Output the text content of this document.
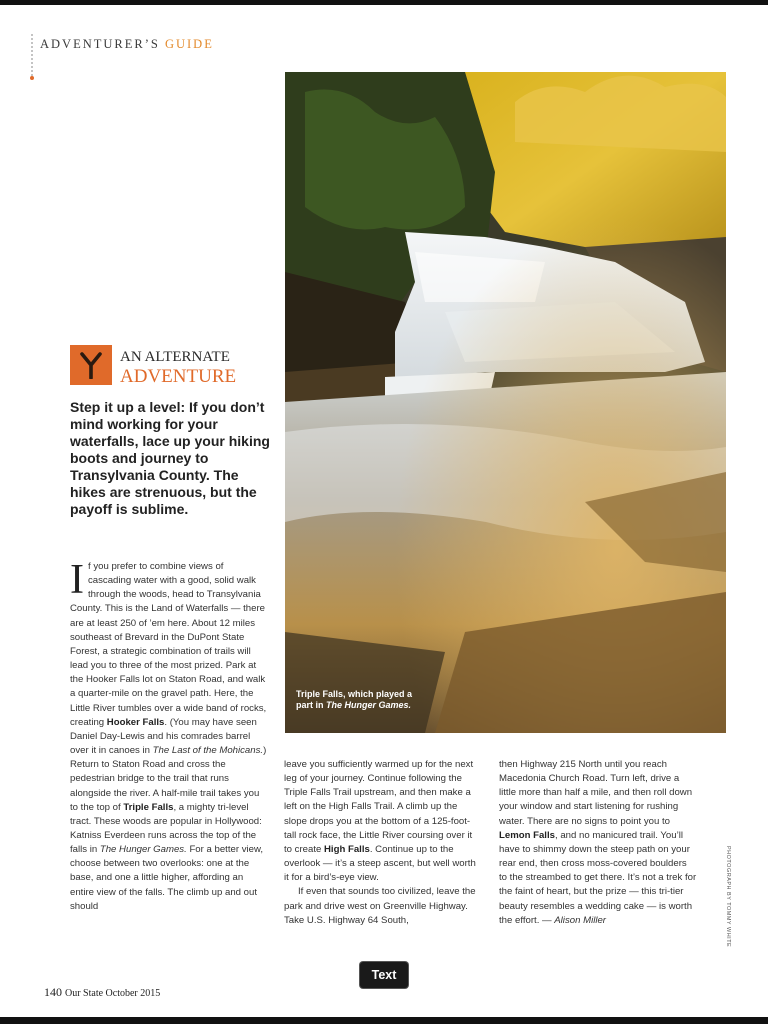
ADVENTURER’S GUIDE
Triple Falls, which played a part in The Hunger Games.
AN ALTERNATE
ADVENTURE
Step it up a level: If you don’t mind working for your waterfalls, lace up your hiking boots and journey to Transylvania County. The hikes are strenuous, but the payoff is sublime.

If you prefer to combine views of cascading water with a good, solid walk through the woods, head to Transylvania County. This is the Land of Waterfalls — there are at least 250 of ’em here. About 12 miles southeast of Brevard in the DuPont State Forest, a strategic combination of trails will lead you to three of the most prized. Park at the Hooker Falls lot on Staton Road, and walk a quarter-mile on the gravel path. Here, the Little River tumbles over a wide band of rocks, creating Hooker Falls. (You may have seen Daniel Day-Lewis and his comrades barrel over it in canoes in The Last of the Mohicans.) Return to Staton Road and cross the pedestrian bridge to the trail that runs alongside the river. A half-mile trail takes you to the top of Triple Falls, a mighty tri-level tract. These woods are popular in Hollywood: Katniss Everdeen runs across the top of the falls in The Hunger Games. For a better view, choose between two overlooks: one at the base, and one a little higher, affording an entire view of the falls. The climb up and out should

leave you sufficiently warmed up for the next leg of your journey. Continue following the Triple Falls Trail upstream, and then make a left on the High Falls Trail. A climb up the slope drops you at the bottom of a 125-foot-tall rock face, the Little River coursing over it to create High Falls. Continue up to the overlook — it’s a steep ascent, but well worth it for a bird’s-eye view.

If even that sounds too civilized, leave the park and drive west on Greenville Highway. Take U.S. Highway 64 South,

then Highway 215 North until you reach Macedonia Church Road. Turn left, drive a little more than half a mile, and then roll down your window and start listening for rushing water. There are no signs to point you to Lemon Falls, and no manicured trail. You’ll have to shimmy down the steep path on your rear end, then cross moss-covered boulders to the streambed to get there. It’s not a trek for the faint of heart, but the prize — this tri-tier beauty resembles a wedding cake — is worth the effort. — Alison Miller	PHOTOGRAPH BY TOMMY WHITE
140 Our State October 2015
Text
